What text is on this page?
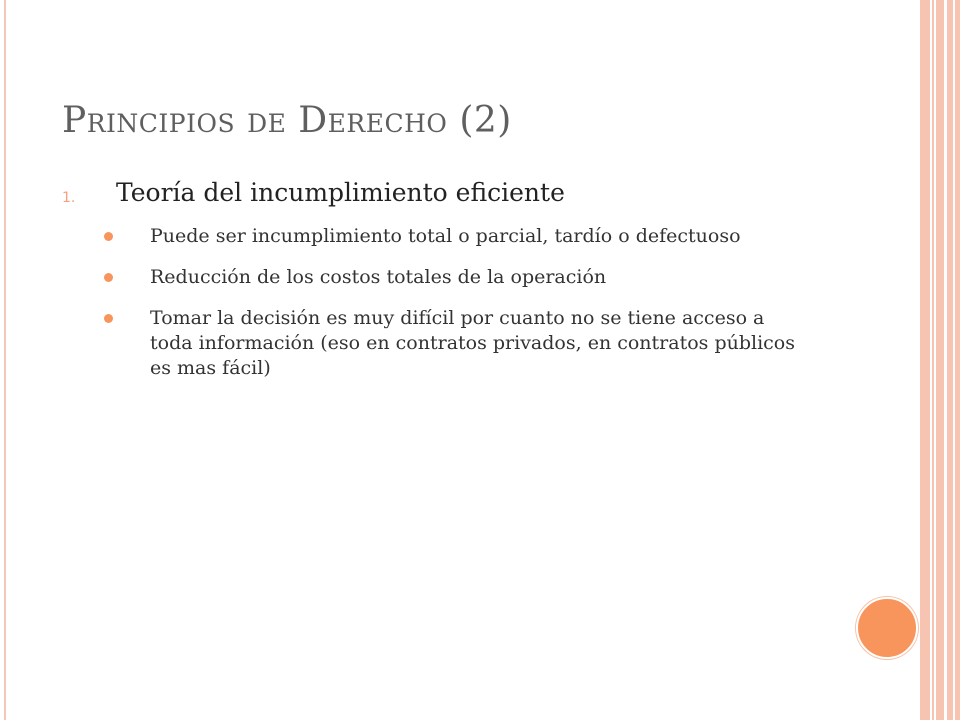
Principios de Derecho (2)
1. Teoría del incumplimiento eficiente
Puede ser incumplimiento total o parcial, tardío o defectuoso
Reducción de los costos totales de la operación
Tomar la decisión es muy difícil por cuanto no se tiene acceso a toda información (eso en contratos privados, en contratos públicos es mas fácil)
